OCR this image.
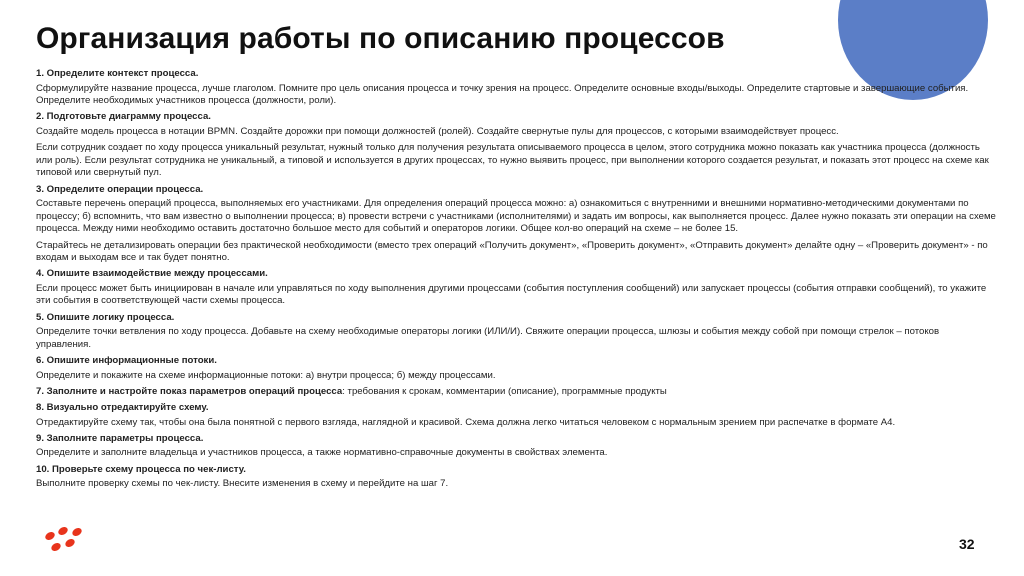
Организация работы по описанию процессов

1. Определите контекст процесса.

Сформулируйте название процесса, лучше глаголом. Помните про цель описания процесса и точку зрения на процесс. Определите основные входы/выходы. Определите стартовые и завершающие события. Определите необходимых участников процесса (должности, роли).

2. Подготовьте диаграмму процесса.

Создайте модель процесса в нотации BPMN. Создайте дорожки при помощи должностей (ролей). Создайте свернутые пулы для процессов, с которыми взаимодействует процесс.

Если сотрудник создает по ходу процесса уникальный результат, нужный только для получения результата описываемого процесса в целом, этого сотрудника можно показать как участника процесса (должность или роль). Если результат сотрудника не уникальный, а типовой и используется в других процессах, то нужно выявить процесс, при выполнении которого создается результат, и показать этот процесс на схеме как типовой или свернутый пул.

3. Определите операции процесса.

Составьте перечень операций процесса, выполняемых его участниками. Для определения операций процесса можно: а) ознакомиться с внутренними и внешними нормативно-методическими документами по процессу; б) вспомнить, что вам известно о выполнении процесса; в) провести встречи с участниками (исполнителями) и задать им вопросы, как выполняется процесс. Далее нужно показать эти операции на схеме процесса. Между ними необходимо оставить достаточно большое место для событий и операторов логики. Общее кол-во операций на схеме – не более 15.

Старайтесь не детализировать операции без практической необходимости (вместо трех операций «Получить документ», «Проверить документ», «Отправить документ» делайте одну – «Проверить документ» - по входам и выходам все и так будет понятно.

4. Опишите взаимодействие между процессами.

Если процесс может быть инициирован в начале или управляться по ходу выполнения другими процессами (события поступления сообщений) или запускает процессы (события отправки сообщений), то укажите эти события в соответствующей части схемы процесса.

5. Опишите логику процесса.

Определите точки ветвления по ходу процесса. Добавьте на схему необходимые операторы логики (ИЛИ/И). Свяжите операции процесса, шлюзы и события между собой при помощи стрелок – потоков управления.

6. Опишите информационные потоки.

Определите и покажите на схеме информационные потоки: а) внутри процесса; б) между процессами.

7. Заполните и настройте показ параметров операций процесса: требования к срокам, комментарии (описание), программные продукты

8. Визуально отредактируйте схему.

Отредактируйте схему так, чтобы она была понятной с первого взгляда, наглядной и красивой. Схема должна легко читаться человеком с нормальным зрением при распечатке в формате А4.

9. Заполните параметры процесса.

Определите и заполните владельца и участников процесса, а также нормативно-справочные документы в свойствах элемента.

10. Проверьте схему процесса по чек-листу.

Выполните проверку схемы по чек-листу. Внесите изменения в схему и перейдите на шаг 7.

32
